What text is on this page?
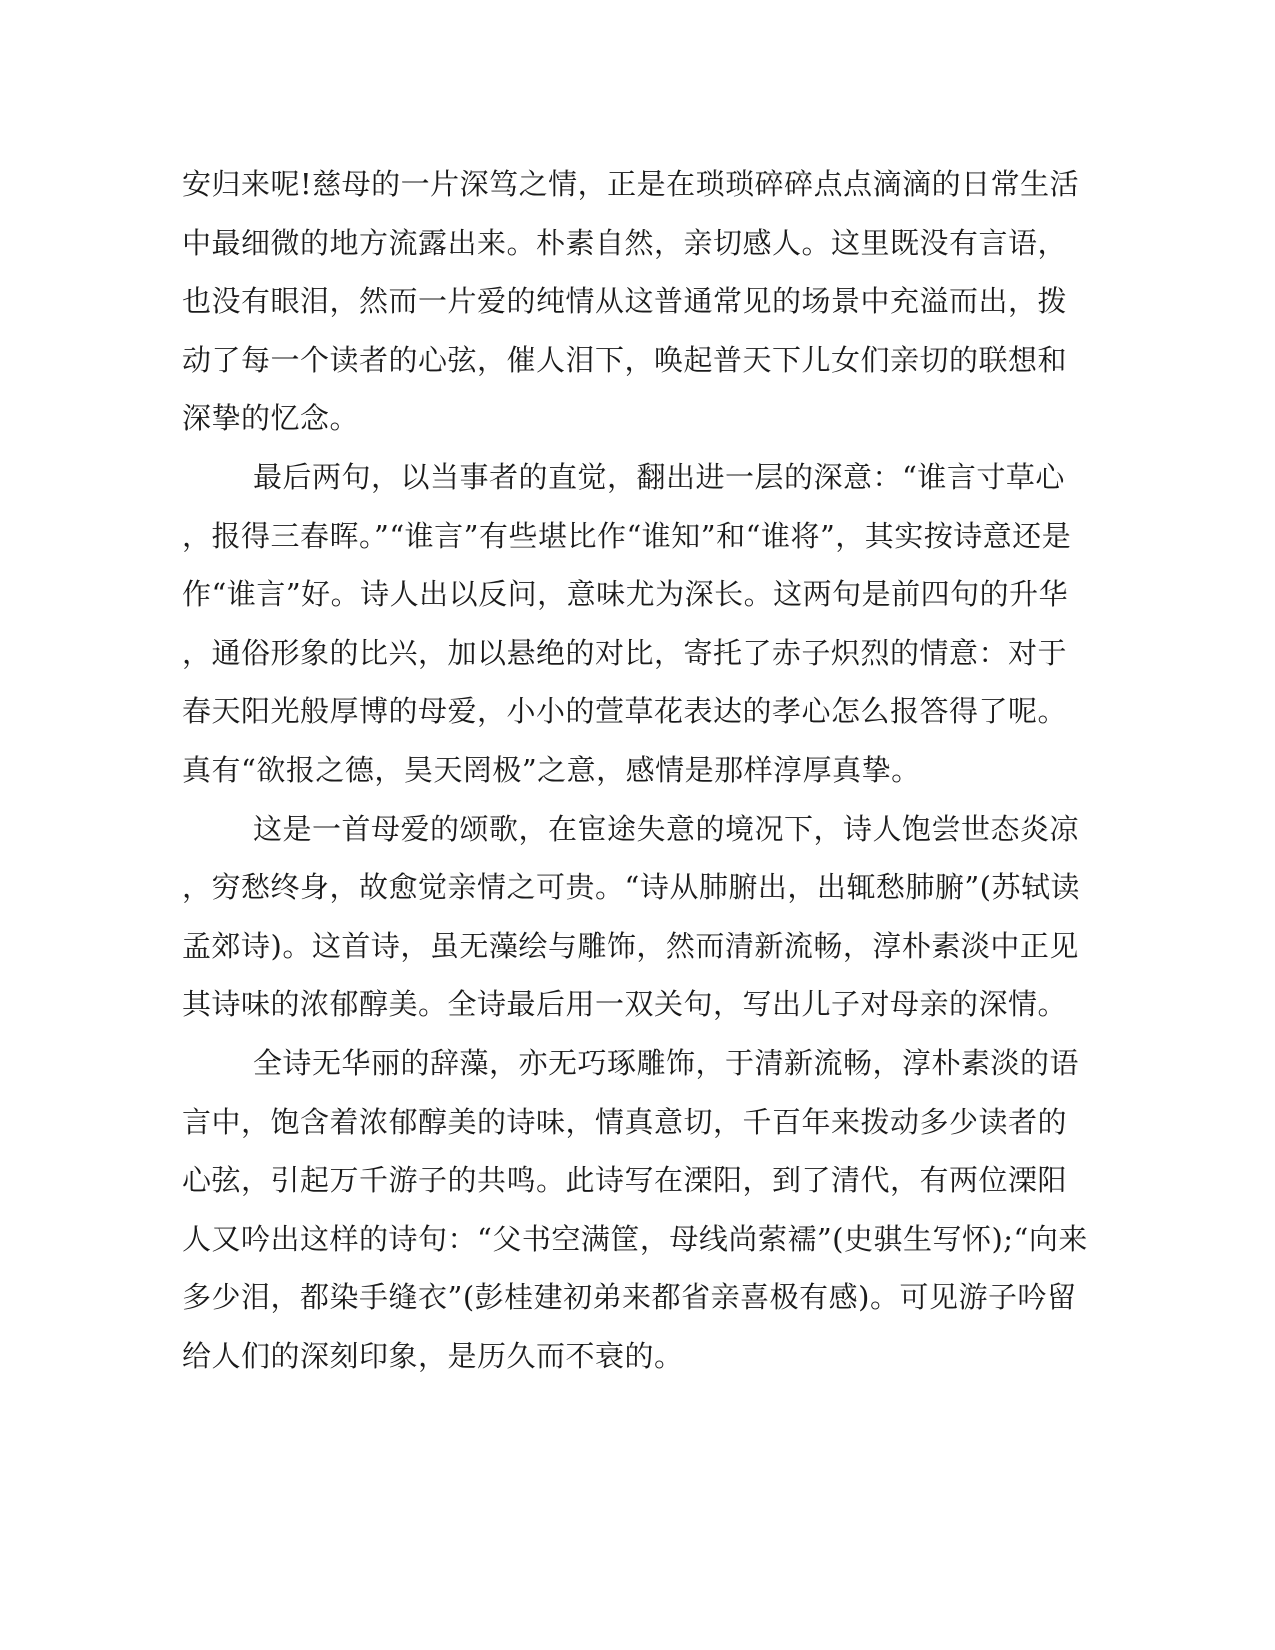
安归来呢!慈母的一片深笃之情，正是在琐琐碎碎点点滴滴的日常生活
中最细微的地方流露出来。朴素自然，亲切感人。这里既没有言语，
也没有眼泪，然而一片爱的纯情从这普通常见的场景中充溢而出，拨
动了每一个读者的心弦，催人泪下，唤起普天下儿女们亲切的联想和
深挚的忆念。
最后两句，以当事者的直觉，翻出进一层的深意：“谁言寸草心
，报得三春晖。”“谁言”有些堪比作“谁知”和“谁将”，其实按诗意还是
作“谁言”好。诗人出以反问，意味尤为深长。这两句是前四句的升华
，通俗形象的比兴，加以悬绝的对比，寄托了赤子炽烈的情意：对于
春天阳光般厚博的母爱，小小的萱草花表达的孝心怎么报答得了呢。
真有“欲报之德，昊天罔极”之意，感情是那样淳厚真挚。
这是一首母爱的颂歌，在宦途失意的境况下，诗人饱尝世态炎凉
，穷愁终身，故愈觉亲情之可贵。“诗从肺腑出，出辄愁肺腑”(苏轼读
孟郊诗)。这首诗，虽无藻绘与雕饰，然而清新流畅，淳朴素淡中正见
其诗味的浓郁醇美。全诗最后用一双关句，写出儿子对母亲的深情。
全诗无华丽的辞藻，亦无巧琢雕饰，于清新流畅，淳朴素淡的语
言中，饱含着浓郁醇美的诗味，情真意切，千百年来拨动多少读者的
心弦，引起万千游子的共鸣。此诗写在溧阳，到了清代，有两位溧阳
人又吟出这样的诗句：“父书空满筐，母线尚萦襦”(史骐生写怀);“向来
多少泪，都染手缝衣”(彭桂建初弟来都省亲喜极有感)。可见游子吟留
给人们的深刻印象，是历久而不衰的。
